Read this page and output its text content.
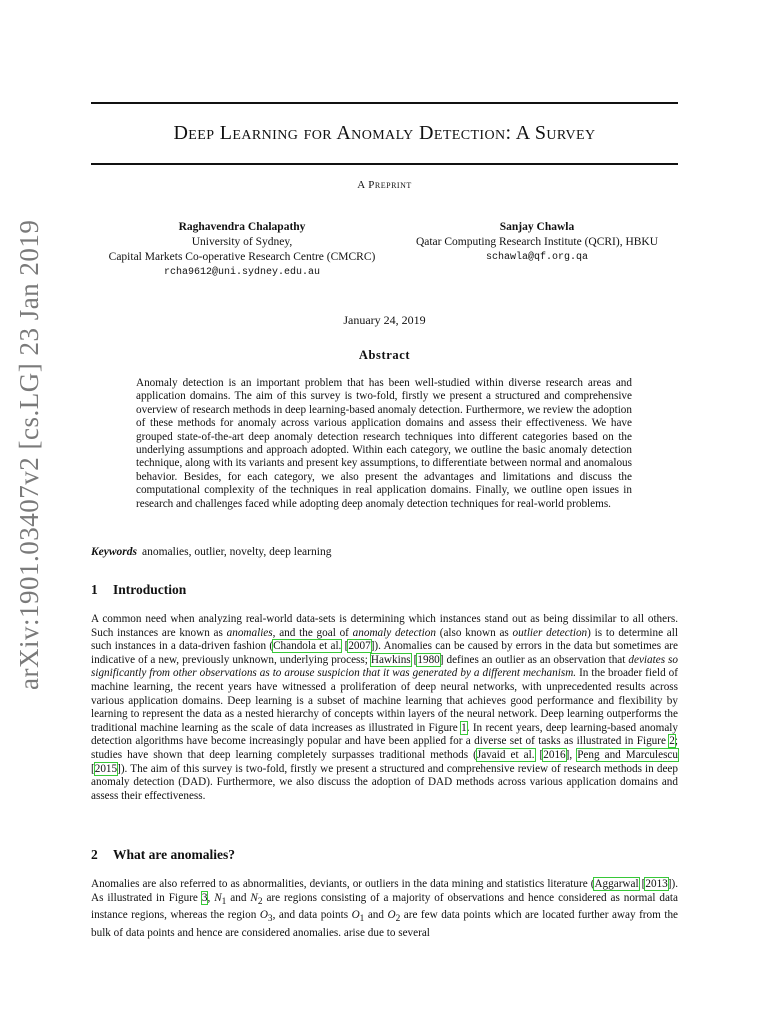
arXiv:1901.03407v2 [cs.LG] 23 Jan 2019
Deep Learning for Anomaly Detection: A Survey
A Preprint
Raghavendra Chalapathy
University of Sydney,
Capital Markets Co-operative Research Centre (CMCRC)
rcha9612@uni.sydney.edu.au
Sanjay Chawla
Qatar Computing Research Institute (QCRI), HBKU
schawla@qf.org.qa
January 24, 2019
Abstract
Anomaly detection is an important problem that has been well-studied within diverse research areas and application domains. The aim of this survey is two-fold, firstly we present a structured and comprehensive overview of research methods in deep learning-based anomaly detection. Furthermore, we review the adoption of these methods for anomaly across various application domains and assess their effectiveness. We have grouped state-of-the-art deep anomaly detection research techniques into different categories based on the underlying assumptions and approach adopted. Within each category, we outline the basic anomaly detection technique, along with its variants and present key assumptions, to differentiate between normal and anomalous behavior. Besides, for each category, we also present the advantages and limitations and discuss the computational complexity of the techniques in real application domains. Finally, we outline open issues in research and challenges faced while adopting deep anomaly detection techniques for real-world problems.
Keywords anomalies, outlier, novelty, deep learning
1 Introduction
A common need when analyzing real-world data-sets is determining which instances stand out as being dissimilar to all others. Such instances are known as anomalies, and the goal of anomaly detection (also known as outlier detection) is to determine all such instances in a data-driven fashion (Chandola et al. [2007]). Anomalies can be caused by errors in the data but sometimes are indicative of a new, previously unknown, underlying process; Hawkins [1980] defines an outlier as an observation that deviates so significantly from other observations as to arouse suspicion that it was generated by a different mechanism. In the broader field of machine learning, the recent years have witnessed a proliferation of deep neural networks, with unprecedented results across various application domains. Deep learning is a subset of machine learning that achieves good performance and flexibility by learning to represent the data as a nested hierarchy of concepts within layers of the neural network. Deep learning outperforms the traditional machine learning as the scale of data increases as illustrated in Figure 1. In recent years, deep learning-based anomaly detection algorithms have become increasingly popular and have been applied for a diverse set of tasks as illustrated in Figure 2; studies have shown that deep learning completely surpasses traditional methods (Javaid et al. [2016], Peng and Marculescu [2015]). The aim of this survey is two-fold, firstly we present a structured and comprehensive review of research methods in deep anomaly detection (DAD). Furthermore, we also discuss the adoption of DAD methods across various application domains and assess their effectiveness.
2 What are anomalies?
Anomalies are also referred to as abnormalities, deviants, or outliers in the data mining and statistics literature (Aggarwal [2013]). As illustrated in Figure 3, $N_1$ and $N_2$ are regions consisting of a majority of observations and hence considered as normal data instance regions, whereas the region $O_3$, and data points $O_1$ and $O_2$ are few data points which are located further away from the bulk of data points and hence are considered anomalies. arise due to several
